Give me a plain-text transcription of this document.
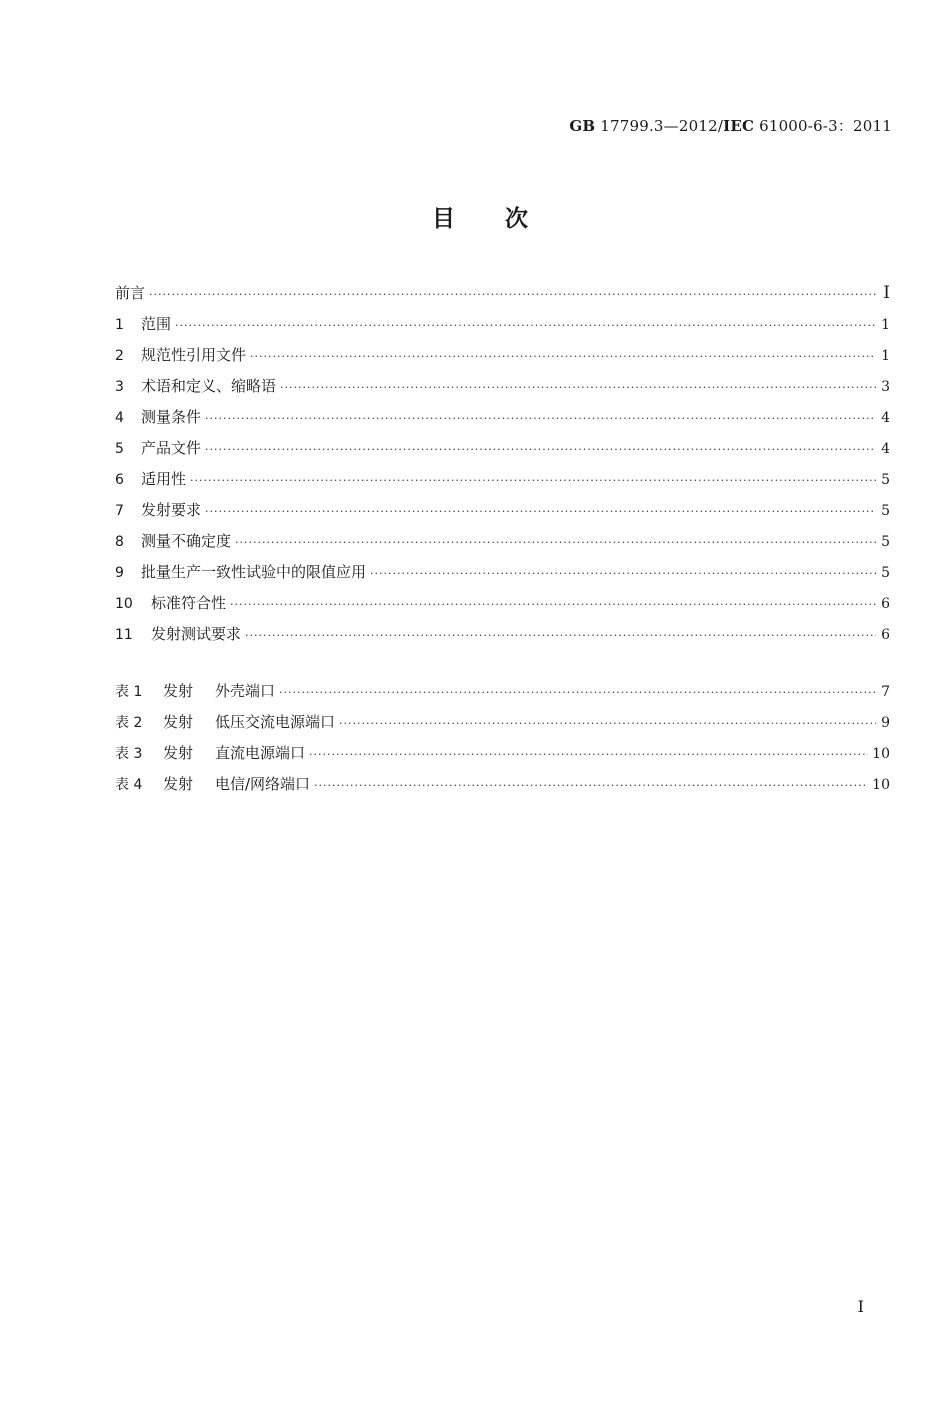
GB 17799.3—2012/IEC 61000-6-3：2011
目次
前言 ·····	Ⅰ
1	范围 ·····	1
2	规范性引用文件 ·····	1
3	术语和定义、缩略语 ·····	3
4	测量条件 ·····	4
5	产品文件 ·····	4
6	适用性 ·····	5
7	发射要求 ·····	5
8	测量不确定度 ·····	5
9	批量生产一致性试验中的限值应用 ·····	5
10	标准符合性 ·····	6
11	发射测试要求 ·····	6
表 1	发射	外壳端口 ·····	7
表 2	发射	低压交流电源端口 ·····	9
表 3	发射	直流电源端口 ·····	10
表 4	发射	电信/网络端口 ·····	10
I
